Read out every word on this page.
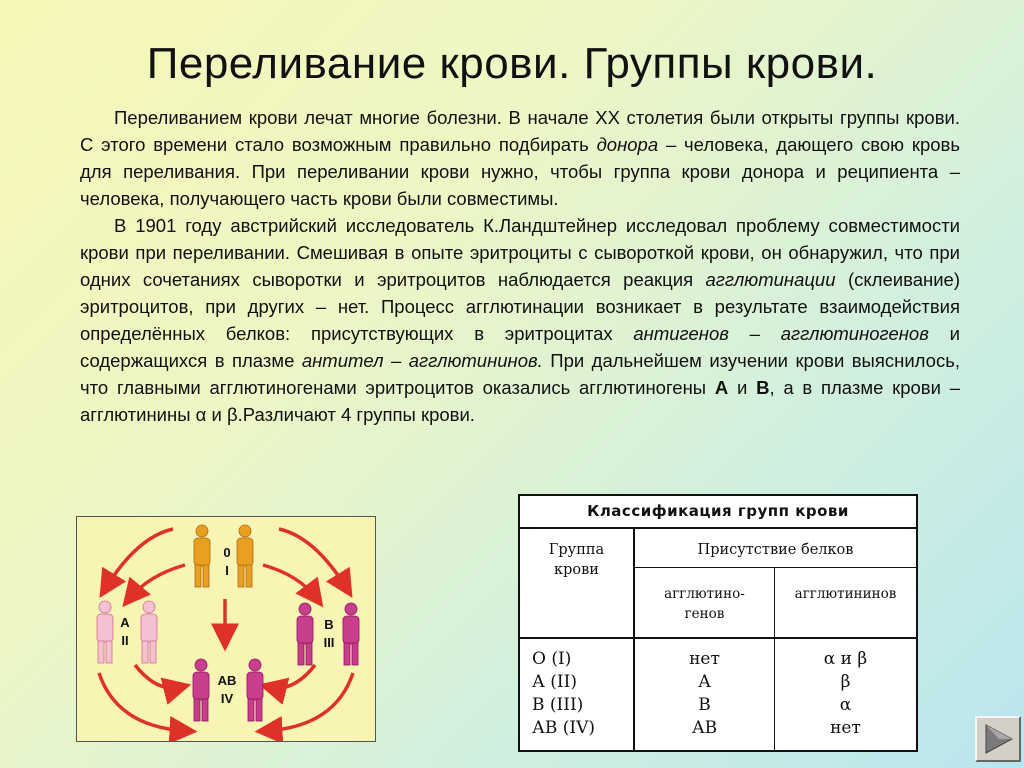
Переливание крови. Группы крови.

Переливанием крови лечат многие болезни. В начале ХХ столетия были открыты группы крови. С этого времени стало возможным правильно подбирать донора – человека, дающего свою кровь для переливания. При переливании крови нужно, чтобы группа крови донора и реципиента – человека, получающего часть крови были совместимы.

В 1901 году австрийский исследователь К.Ландштейнер исследовал проблему совместимости крови при переливании. Смешивая в опыте эритроциты с сывороткой крови, он обнаружил, что при одних сочетаниях сыворотки и эритроцитов наблюдается реакция агглютинации (склеивание) эритроцитов, при других – нет. Процесс агглютинации возникает в результате взаимодействия определённых белков: присутствующих в эритроцитах антигенов – агглютиногенов и содержащихся в плазме антител – агглютининов. При дальнейшем изучении крови выяснилось, что главными агглютиногенами эритроцитов оказались агглютиногены А и В, а в плазме крови – агглютинины α и β.Различают 4 группы крови.

0
I
A
II
B
III
AB
IV
Классификация групп крови
Группа
крови
Присутствие белков
агглютино-
генов
агглютининов
О (I)
А (II)
В (III)
АВ (IV)
нет
А
В
АВ
α и β
β
α
нет
